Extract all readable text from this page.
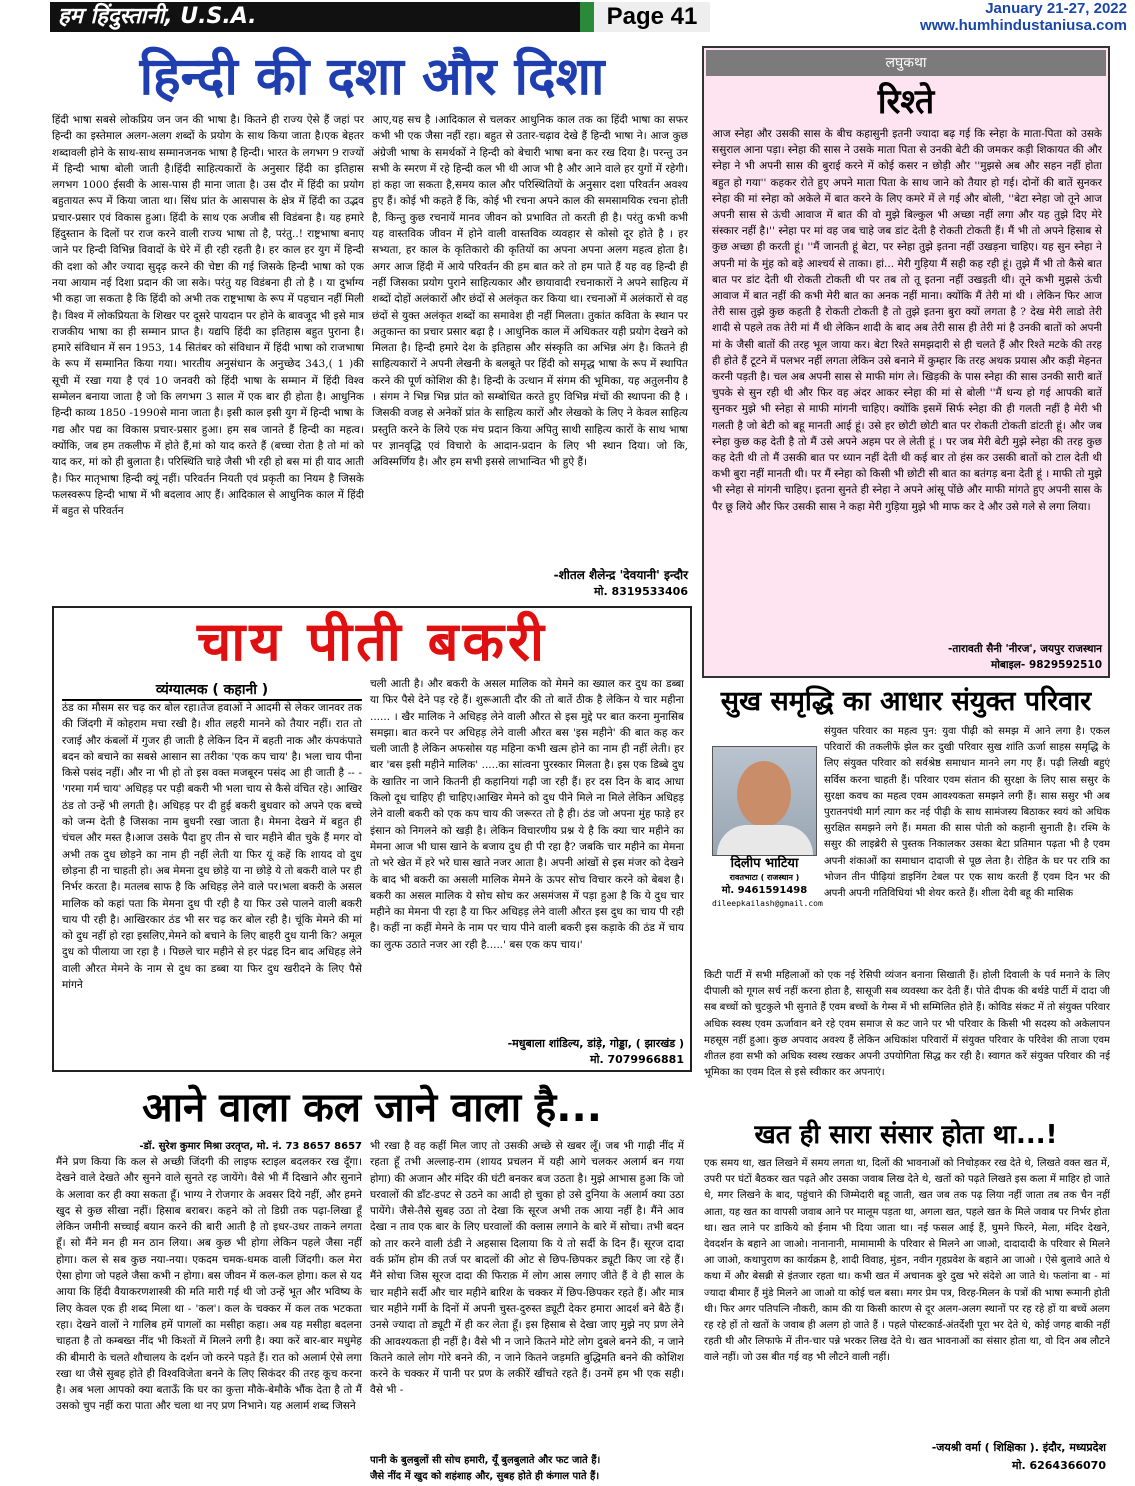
हम हिंदुस्तानी, U.S.A.	Page 41	January 21-27, 2022
www.humhindustaniusa.com
हिन्दी की दशा और दिशा
हिंदी भाषा सबसे लोकप्रिय जन जन की भाषा है। कितने ही राज्य ऐसे हैं जहां पर हिन्दी का इस्तेमाल अलग-अलग शब्दों के प्रयोग के साथ किया जाता है।एक बेहतर शब्दावली होने के साथ-साथ सम्मानजनक भाषा है हिन्दी। भारत के लगभग 9 राज्यों में हिन्दी भाषा बोली जाती है।हिंदी साहित्यकारों के अनुसार हिंदी का इतिहास लगभग 1000 ईसवी के आस-पास ही माना जाता है। उस दौर में हिंदी का प्रयोग बहुतायत रूप में किया जाता था। सिंध प्रांत के आसपास के क्षेत्र में हिंदी का उद्भव प्रचार-प्रसार एवं विकास हुआ। हिंदी के साथ एक अजीब सी विडंबना है। यह हमारे हिंदुस्तान के दिलों पर राज करने वाली राज्य भाषा तो है, परंतु..! राष्ट्रभाषा बनाए जाने पर हिन्दी विभिन्न विवादों के घेरे में ही रही रहती है। हर काल हर युग में हिन्दी की दशा को और ज्यादा सुदृढ़ करने की चेष्टा की गई जिसके हिन्दी भाषा को एक नया आयाम नई दिशा प्रदान की जा सके। परंतु यह विडंबना ही तो है । या दुर्भाग्य भी कहा जा सकता है कि हिंदी को अभी तक राष्ट्रभाषा के रूप में पहचान नहीं मिली है। विश्व में लोकप्रियता के शिखर पर दूसरे पायदान पर होने के बावजूद भी इसे मात्र राजकीय भाषा का ही सम्मान प्राप्त है। यद्यपि हिंदी का इतिहास बहुत पुराना है। हमारे संविधान में सन 1953, 14 सितंबर को संविधान में हिंदी भाषा को राजभाषा के रूप में सम्मानित किया गया। भारतीय अनुसंधान के अनुच्छेद 343,( 1 )की सूची में रखा गया है एवं 10 जनवरी को हिंदी भाषा के सम्मान में हिंदी विश्व सम्मेलन बनाया जाता है जो कि लगभग 3 साल में एक बार ही होता है। आधुनिक हिन्दी काव्य 1850 -1990से माना जाता है। इसी काल इसी युग में हिन्दी भाषा के गद्य और पद्य का विकास प्रचार-प्रसार हुआ। हम सब जानते हैं हिन्दी का महत्व। क्योंकि, जब हम तकलीफ में होते हैं,मां को याद करते हैं (बच्चा रोता है तो मां को याद कर, मां को ही बुलाता है। परिस्थिति चाहे जैसी भी रही हो बस मां ही याद आती है। फिर मातृभाषा हिन्दी क्यूं नहीं। परिवर्तन नियती एवं प्रकृती का नियम है जिसके फलस्वरूप हिन्दी भाषा में भी बदलाव आए हैं। आदिकाल से आधुनिक काल में हिंदी में बहुत से परिवर्तन
आए,यह सच है ।आदिकाल से चलकर आधुनिक काल तक का हिंदी भाषा का सफर कभी भी एक जैसा नहीं रहा। बहुत से उतार-चढ़ाव देखे हैं हिन्दी भाषा ने। आज कुछ अंग्रेजी भाषा के समर्थकों ने हिन्दी को बेचारी भाषा बना कर रख दिया है। परन्तु उन सभी के स्मरण में रहे हिन्दी कल भी थी आज भी है और आने वाले हर युगों में रहेगी। हां कहा जा सकता है,समय काल और परिस्थितियों के अनुसार दशा परिवर्तन अवश्य हुए हैं। कोई भी कहते हैं कि, कोई भी रचना अपने काल की समसामयिक रचना होती है, किन्तु कुछ रचनायें मानव जीवन को प्रभावित तो करती ही है। परंतु कभी कभी यह वास्तविक जीवन में होने वाली वास्तविक व्यवहार से कोसो दूर होते है । हर सभ्यता, हर काल के कृतिकारो की कृतियों का अपना अपना अलग महत्व होता है। अगर आज हिंदी में आये परिवर्तन की हम बात करे तो हम पाते हैं यह वह हिन्दी ही नहीं जिसका प्रयोग पुराने साहित्यकार और छायावादी रचनाकारों ने अपने साहित्य में शब्दों दोहों अलंकारों और छंदों से अलंकृत कर किया था। रचनाओं में अलंकारों से वह छंदों से युक्त अलंकृत शब्दों का समावेश ही नहीं मिलता। तुकांत कविता के स्थान पर अतुकान्त का प्रचार प्रसार बढ़ा है । आधुनिक काल में अधिकतर यही प्रयोग देखने को मिलता है। हिन्दी हमारे देश के इतिहास और संस्कृति का अभिन्न अंग है। कितने ही साहित्यकारों ने अपनी लेखनी के बलबूते पर हिंदी को समृद्ध भाषा के रूप में स्थापित करने की पूर्ण कोशिश की है। हिन्दी के उत्थान में संगम की भूमिका, यह अतुलनीय है । संगम ने भिन्न भिन्न प्रांत को सम्बोधित करते हुए विभिन्न मंचों की स्थापना की है । जिसकी वजह से अनेकों प्रांत के साहित्य कारों और लेखको के लिए ने केवल साहित्य प्रस्तुति करने के लिये एक मंच प्रदान किया अपितु साथी साहित्य कारों के साथ भाषा पर ज्ञानवृद्धि एवं विचारो के आदान-प्रदान के लिए भी स्थान दिया। जो कि, अविस्मर्णिय है। और हम सभी इससे लाभान्वित भी हुऐ हैं।
-शीतल शैलेन्द्र 'देवयानी' इन्दौर
मो. 8319533406
चाय पीती बकरी
व्यंग्यात्मक ( कहानी )
ठंड का मौसम सर चढ़ कर बोल रहा।तेज हवाओं ने आदमी से लेकर जानवर तक की जिंदगी में कोहराम मचा रखी है। शीत लहरी मानने को तैयार नहीं। रात तो रजाई और कंबलों में गुजर ही जाती है लेकिन दिन में बहती नाक और कंपकंपाते बदन को बचाने का सबसे आसान सा तरीका 'एक कप चाय' है। भला चाय पीना किसे पसंद नहीं। और ना भी हो तो इस वक्त मजबूरन पसंद आ ही जाती है -- -'गरमा गर्म चाय' अधिहड़ पर पड़ी बकरी भी भला चाय से कैसे वंचित रहे। आखिर ठंड तो उन्हें भी लगती है। अधिहड़ पर दी हुई बकरी बुधवार को अपने एक बच्चे को जन्म देती है जिसका नाम बुधनी रखा जाता है। मेमना देखने में बहुत ही चंचल और मस्त है।आज उसके पैदा हुए तीन से चार महीने बीत चुके हैं मगर वो अभी तक दुध छोड़ने का नाम ही नहीं लेती या फिर यूं कहें कि शायद वो दुध छोड़ना ही ना चाहती हो। अब मेमना दुध छोड़े या ना छोड़े ये तो बकरी वाले पर ही निर्भर करता है। मतलब साफ है कि अधिहड़ लेने वाले पर।भला बकरी के असल मालिक को कहां पता कि मेमना दुध पी रही है या फिर उसे पालने वाली बकरी चाय पी रही है। आखिरकार ठंड भी सर चढ़ कर बोल रही है। चूंकि मेमने की मां को दुध नहीं हो रहा इसलिए,मेमने को बचाने के लिए बाहरी दुध यानी कि? अमूल दुध को पीलाया जा रहा है । पिछले चार महीने से हर पंद्रह दिन बाद अधिहड़ लेने वाली औरत मेमने के नाम से दुध का डब्बा या फिर दुध खरीदने के लिए पैसे मांगने
चली आती है। और बकरी के असल मालिक को मेमने का ख्याल कर दुध का डब्बा या फिर पैसे देने पड़ रहे हैं। शुरूआती दौर की तो बातें ठीक है लेकिन ये चार महीना ...... । खैर मालिक ने अधिहड़ लेने वाली औरत से इस मुद्दे पर बात करना मुनासिब समझा। बात करने पर अधिहड़ लेने वाली औरत बस 'इस महीने' की बात कह कर चली जाती है लेकिन अफसोस यह महिना कभी खत्म होने का नाम ही नहीं लेती। हर बार 'बस इसी महीने मालिक' .....का सांत्वना पुरस्कार मिलता है। इस एक डिब्बे दुध के खातिर ना जाने कितनी ही कहानियां गढ़ी जा रही हैं। हर दस दिन के बाद आधा किलो दूध चाहिए ही चाहिए।आखिर मेमने को दुध पीने मिले ना मिले लेकिन अधिहड़ लेने वाली बकरी को एक कप चाय की जरूरत तो है ही। ठंड जो अपना मुंह फाड़े हर इंसान को निगलने को खड़ी है। लेकिन विचारणीय प्रश्न ये है कि क्या चार महीने का मेमना आज भी घास खाने के बजाय दुध ही पी रहा है? जबकि चार महीने का मेमना तो भरे खेत में हरे भरे घास खाते नजर आता है। अपनी आंखों से इस मंजर को देखने के बाद भी बकरी का असली मालिक मेमने के ऊपर सोच विचार करने को बेबश है। बकरी का असल मालिक ये सोच सोच कर असमंजस में पड़ा हुआ है कि ये दुध चार महीने का मेमना पी रहा है या फिर अधिहड़ लेने वाली औरत इस दुध का चाय पी रही है। कहीं ना कहीं मेमने के नाम पर चाय पीने वाली बकरी इस कड़ाके की ठंड में चाय का लुत्फ उठाते नजर आ रही है.....' बस एक कप चाय।'
-मधुबाला शांडिल्य, डांड़े, गोड्डा, ( झारखंड )
मो. 7079966881
आने वाला कल जाने वाला है...
-डॉ. सुरेश कुमार मिश्रा उरतृप्त, मो. नं. 73 8657 8657
मैंने प्रण किया कि कल से अच्छी जिंदगी की लाइफ स्टाइल बदलकर रख दूँगा। देखने वाले देखते और सुनने वाले सुनते रह जायेंगे। वैसे भी मैं दिखाने और सुनाने के अलावा कर ही क्या सकता हूँ। भाग्य ने रोजगार के अवसर दिये नहीं, और हमने खुद से कुछ सीखा नहीं। हिसाब बराबर। कहने को तो डिग्री तक पढ़ा-लिखा हूँ लेकिन जमीनी सच्चाई बयान करने की बारी आती है तो इधर-उधर ताकने लगता हूँ। सो मैंने मन ही मन ठान लिया। अब कुछ भी होगा लेकिन पहले जैसा नहीं होगा। कल से सब कुछ नया-नया। एकदम चमक-धमक वाली जिंदगी। कल मेरा ऐसा होगा जो पहले जैसा कभी न होगा। बस जीवन में कल-कल होगा। कल से यद आया कि हिंदी वैयाकरणशास्त्री की मति मारी गई थी जो उन्हें भूत और भविष्य के लिए केवल एक ही शब्द मिला था - 'कल'। कल के चक्कर में कल तक भटकता रहा। देखने वालों ने गालिब हमें पागलों का मसीहा कहा। अब यह मसीहा बदलना चाहता है तो कम्बख्त नींद भी किश्तों में मिलने लगी है। क्या करें बार-बार मधुमेह की बीमारी के चलते शौचालय के दर्शन जो करने पड़ते हैं। रात को अलार्म ऐसे लगा रखा था जैसे सुबह होते ही विश्वविजेता बनने के लिए सिकंदर की तरह कूच करना है। अब भला आपको क्या बताऊँ कि घर का कुत्ता मौके-बेमौके भौंक देता है तो मैं उसको चुप नहीं करा पाता और चला था नए प्रण निभाने। यह अलार्म शब्द जिसने
भी रखा है वह कहीं मिल जाए तो उसकी अच्छे से खबर लूँ। जब भी गाढ़ी नींद में रहता हूँ तभी अल्लाह-राम (शायद प्रचलन में यही आगे चलकर अलार्म बन गया होगा) की अजान और मंदिर की घंटी बनकर बज उठता है। मुझे आभास हुआ कि जो घरवालों की डाँट-डपट से उठने का आदी हो चुका हो उसे दुनिया के अलार्म क्या उठा पायेंगे। जैसे-तैसे सुबह उठा तो देखा कि सूरज अभी तक आया नहीं है। मैंने आव देखा न ताव एक बार के लिए घरवालों की क्लास लगाने के बारे में सोचा। तभी बदन को तार करने वाली ठंडी ने अहसास दिलाया कि ये तो सर्दी के दिन हैं। सूरज दादा वर्क फ्रॉम होम की तर्ज पर बादलों की ओट से छिप-छिपकर ड्यूटी किए जा रहे हैं। मैंने सोचा जिस सूरज दादा की फिराक़ में लोग आस लगाए जीते हैं वे ही साल के चार महीने सर्दी और चार महीने बारिश के चक्कर में छिप-छिपकर रहते हैं। और मात्र चार महीने गर्मी के दिनों में अपनी चुस्त-दुरुस्त ड्यूटी देकर हमारा आदर्श बने बैठे हैं। उनसे ज्यादा तो ड्यूटी में ही कर लेता हूँ। इस हिसाब से देखा जाए मुझे नए प्रण लेने की आवश्यकता ही नहीं है। वैसे भी न जाने कितने मोटे लोग दुबले बनने की, न जाने कितने काले लोग गोरे बनने की, न जाने कितने जड़मति बुद्धिमति बनने की कोशिश करने के चक्कर में पानी पर प्रण के लकीरें खींचते रहते हैं। उनमें हम भी एक सही। वैसे भी -
पानी के बुलबुलों सी सोच हमारी, यूँ बुलबुलाते और फट जाते हैं।
जैसे नींद में खुद को शहंशाह और, सुबह होते ही कंगाल पाते हैं।
लघुकथा
रिश्ते
आज स्नेहा और उसकी सास के बीच कहासुनी इतनी ज्यादा बढ़ गई कि स्नेहा के माता-पिता को उसके ससुराल आना पड़ा। स्नेहा की सास ने उसके माता पिता से उनकी बेटी की जमकर कड़ी शिकायत की और स्नेहा ने भी अपनी सास की बुराई करने में कोई कसर न छोड़ी और ''मुझसे अब और सहन नहीं होता बहुत हो गया'' कहकर रोते हुए अपने माता पिता के साथ जाने को तैयार हो गई। दोनों की बातें सुनकर स्नेहा की मां स्नेहा को अकेले में बात करने के लिए कमरे में ले गई और बोली, ''बेटा स्नेहा जो तूने आज अपनी सास से ऊंची आवाज में बात की वो मुझे बिल्कुल भी अच्छा नहीं लगा और यह तुझे दिए मेरे संस्कार नहीं है।'' स्नेहा पर मां वह जब चाहे जब डांट देती है रोकती टोकती हैं। मैं भी तो अपने हिसाब से कुछ अच्छा ही करती हूं। ''मैं जानती हूं बेटा, पर स्नेहा तुझे इतना नहीं उखड़ना चाहिए। यह सुन स्नेहा ने अपनी मां के मुंह को बड़े आश्चर्य से ताका। हां... मेरी गुड़िया मैं सही कह रही हूं। तुझे मैं भी तो कैसे बात बात पर डांट देती थी रोकती टोकती थी पर तब तो तू इतना नहीं उखड़ती थी। तूने कभी मुझसे ऊंची आवाज में बात नहीं की कभी मेरी बात का अनक नहीं माना। क्योंकि मैं तेरी मां थी । लेकिन फिर आज तेरी सास तुझे कुछ कहती है रोकती टोकती है तो तुझे इतना बुरा क्यों लगता है ? देख मेरी लाडो तेरी शादी से पहले तक तेरी मां मैं थी लेकिन शादी के बाद अब तेरी सास ही तेरी मां है उनकी बातों को अपनी मां के जैसी बातों की तरह भूल जाया कर। बेटा रिश्ते समझदारी से ही चलते हैं और रिश्ते मटके की तरह ही होते हैं टूटने में पलभर नहीं लगता लेकिन उसे बनाने में कुम्हार कि तरह अथक प्रयास और कड़ी मेहनत करनी पड़ती है। चल अब अपनी सास से माफी मांग ले। खिड़की के पास स्नेहा की सास उनकी सारी बातें चुपके से सुन रही थी और फिर वह अंदर आकर स्नेहा की मां से बोली ''मैं धन्य हो गई आपकी बातें सुनकर मुझे भी स्नेहा से माफी मांगनी चाहिए। क्योंकि इसमें सिर्फ स्नेहा की ही गलती नहीं है मेरी भी गलती है जो बेटी को बहू मानती आई हूं। उसे हर छोटी छोटी बात पर रोकती टोकती डांटती हूं। और जब स्नेहा कुछ कह देती है तो मैं उसे अपने अहम पर ले लेती हूं । पर जब मेरी बेटी मुझे स्नेहा की तरह कुछ कह देती थी तो मैं उसकी बात पर ध्यान नहीं देती थी कई बार तो हंस कर उसकी बातों को टाल देती थी कभी बुरा नहीं मानती थी। पर मैं स्नेहा को किसी भी छोटी सी बात का बतंगड़ बना देती हूं । माफी तो मुझे भी स्नेहा से मांगनी चाहिए। इतना सुनते ही स्नेहा ने अपने आंसू पोंछे और माफी मांगते हुए अपनी सास के पैर छू लिये और फिर उसकी सास ने कहा मेरी गुड़िया मुझे भी माफ कर दे और उसे गले से लगा लिया।
-तारावती सैनी 'नीरज', जयपुर राजस्थान
मोबाइल- 9829592510
सुख समृद्धि का आधार संयुक्त परिवार
दिलीप भाटिया
रावतभाटा ( राजस्थान )
मो. 9461591498
dileepkailash@gmail.com
संयुक्त परिवार का महत्व पुन: युवा पीढ़ी को समझ में आने लगा है। एकल परिवारों की तकलीफें झेल कर दुखी परिवार सुख शांति ऊर्जा साहस समृद्धि के लिए संयुक्त परिवार को सर्वश्रेष्ठ समाधान मानने लग गए हैं। पढ़ी लिखी बहुएं सर्विस करना चाहती हैं। परिवार एवम संतान की सुरक्षा के लिए सास ससुर के सुरक्षा कवच का महत्व एवम आवश्यकता समझने लगी हैं। सास ससुर भी अब पुरातनपंथी मार्ग त्याग कर नई पीढ़ी के साथ सामंजस्य बिठाकर स्वयं को अधिक सुरक्षित समझने लगे हैं। ममता की सास पोती को कहानी सुनाती है। रश्मि के ससुर की लाइब्रेरी से पुस्तक निकालकर उसका बेटा प्रतिमान पढ़ता भी है एवम अपनी शंकाओं का समाधान दादाजी से पूछ लेता है। रोहित के घर पर रात्रि का भोजन तीन पीढ़ियां डाइनिंग टेबल पर एक साथ करती हैं एवम दिन भर की अपनी अपनी गतिविधियां भी शेयर करते हैं। शीला देवी बहू की मासिक
किटी पार्टी में सभी महिलाओं को एक नई रेसिपी व्यंजन बनाना सिखाती हैं। होली दिवाली के पर्व मनाने के लिए दीपाली को गूगल सर्च नहीं करना होता है, सासूजी सब व्यवस्था कर देती हैं। पोते दीपक की बर्थडे पार्टी में दादा जी सब बच्चों को चुटकुले भी सुनाते हैं एवम बच्चों के गेम्स में भी सम्मिलित होते हैं। कोविड संकट में तो संयुक्त परिवार अधिक स्वस्थ एवम ऊर्जावान बने रहे एवम समाज से कट जाने पर भी परिवार के किसी भी सदस्य को अकेलापन महसूस नहीं हुआ। कुछ अपवाद अवश्य हैं लेकिन अधिकांश परिवारों में संयुक्त परिवार के परिवेश की ताजा एवम शीतल हवा सभी को अधिक स्वस्थ रखकर अपनी उपयोगिता सिद्ध कर रही है। स्वागत करें संयुक्त परिवार की नई भूमिका का एवम दिल से इसे स्वीकार कर अपनाएं।
खत ही सारा संसार होता था...!
एक समय था, खत लिखने में समय लगता था, दिलों की भावनाओं को निचोड़कर रख देते थे, लिखते वक्त खत में, उपरी पर घंटों बैठकर खत पढ़ते और उसका जवाब लिख देते थे, खतों को पढ़ते लिखते इस कला में माहिर हो जाते थे, मगर लिखने के बाद, पहुंचाने की जिम्मेदारी बहू जाती, खत जब तक पढ़ लिया नहीं जाता तब तक चैन नहीं आता, यह खत का वापसी जवाब आने पर मालूम पड़ता था, अगला खत, पहले खत के मिले जवाब पर निर्भर होता था। खत लाने पर डाकिये को ईनाम भी दिया जाता था। नई फसल आई हैं, घुमने फिरने, मेला, मंदिर देखने, देवदर्शन के बहाने आ जाओ। नानानानी, मामामामी के परिवार से मिलने आ जाओ, दादादादी के परिवार से मिलने आ जाओ, कथापुराण का कार्यक्रम है, शादी विवाह, मुंडन, नवीन गृहप्रवेश के बहाने आ जाओ । ऐसे बुलावे आते थे कथा में और बेसब्री से इंतजार रहता था। कभी खत में अचानक बुरे दुख भरे संदेशे आ जाते थे। फलांना बा - मां ज्यादा बीमार हैं मुंडे मिलने आ जाओ या कोई चल बसा। मगर प्रेम पत्र, विरह-मिलन के पत्रों की भाषा रूमानी होती थी। फिर अगर पतिपत्नि नौकरी, काम की या किसी कारण से दूर अलग-अलग स्थानों पर रह रहे हों या बच्चें अलग रह रहे हों तो खतों के जवाब ही अलग हो जाते हैं । पहले पोस्टकार्ड-अंतर्देशी पूरा भर देते थे, कोई जगह बाकी नहीं रहती थी और लिफाफे में तीन-चार पन्ने भरकर लिख देते थे। खत भावनाओं का संसार होता था, वो दिन अब लौटने वाले नहीं। जो उस बीत गई वह भी लौटने वाली नहीं।
-जयश्री वर्मा ( शिक्षिका ). इंदौर, मध्यप्रदेश
मो. 6264366070
